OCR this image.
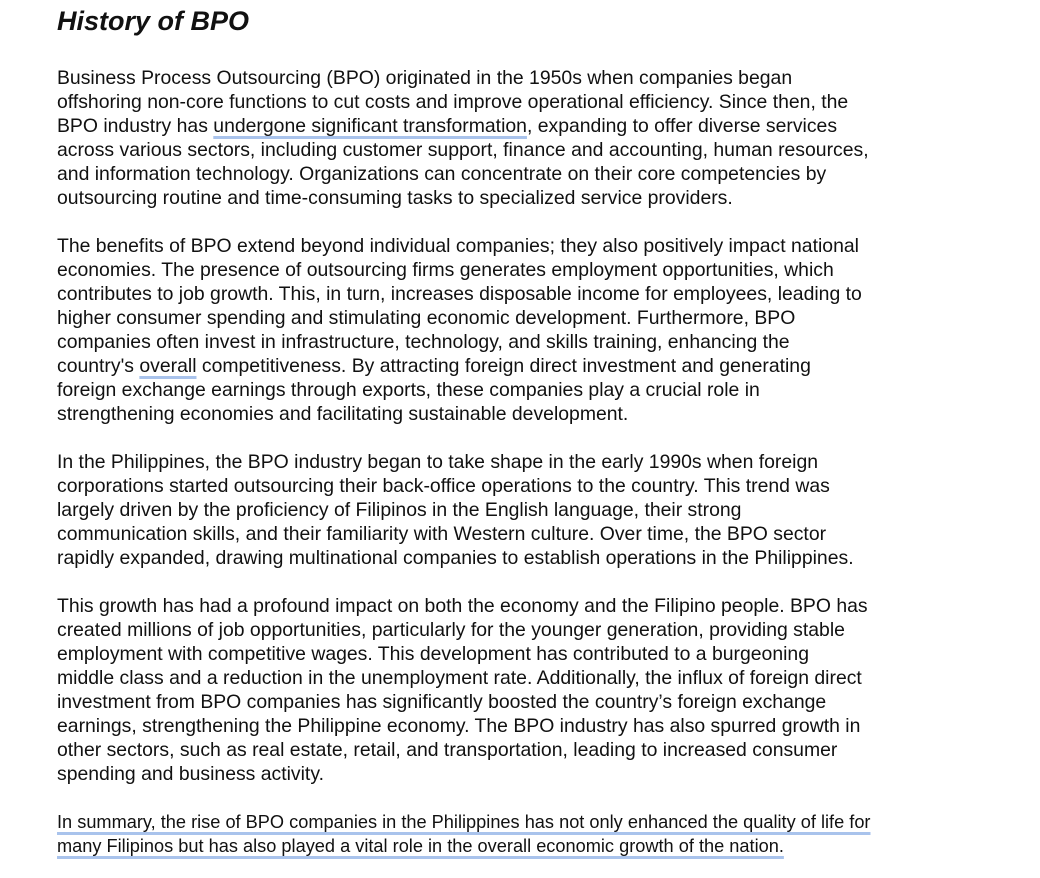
History of BPO

Business Process Outsourcing (BPO) originated in the 1950s when companies began
offshoring non-core functions to cut costs and improve operational efficiency. Since then, the
BPO industry has undergone significant transformation, expanding to offer diverse services
across various sectors, including customer support, finance and accounting, human resources,
and information technology. Organizations can concentrate on their core competencies by
outsourcing routine and time-consuming tasks to specialized service providers.

The benefits of BPO extend beyond individual companies; they also positively impact national
economies. The presence of outsourcing firms generates employment opportunities, which
contributes to job growth. This, in turn, increases disposable income for employees, leading to
higher consumer spending and stimulating economic development. Furthermore, BPO
companies often invest in infrastructure, technology, and skills training, enhancing the
country's overall competitiveness. By attracting foreign direct investment and generating
foreign exchange earnings through exports, these companies play a crucial role in
strengthening economies and facilitating sustainable development.

In the Philippines, the BPO industry began to take shape in the early 1990s when foreign
corporations started outsourcing their back-office operations to the country. This trend was
largely driven by the proficiency of Filipinos in the English language, their strong
communication skills, and their familiarity with Western culture. Over time, the BPO sector
rapidly expanded, drawing multinational companies to establish operations in the Philippines.

This growth has had a profound impact on both the economy and the Filipino people. BPO has
created millions of job opportunities, particularly for the younger generation, providing stable
employment with competitive wages. This development has contributed to a burgeoning
middle class and a reduction in the unemployment rate. Additionally, the influx of foreign direct
investment from BPO companies has significantly boosted the country’s foreign exchange
earnings, strengthening the Philippine economy. The BPO industry has also spurred growth in
other sectors, such as real estate, retail, and transportation, leading to increased consumer
spending and business activity.

In summary, the rise of BPO companies in the Philippines has not only enhanced the quality of life for
many Filipinos but has also played a vital role in the overall economic growth of the nation.
